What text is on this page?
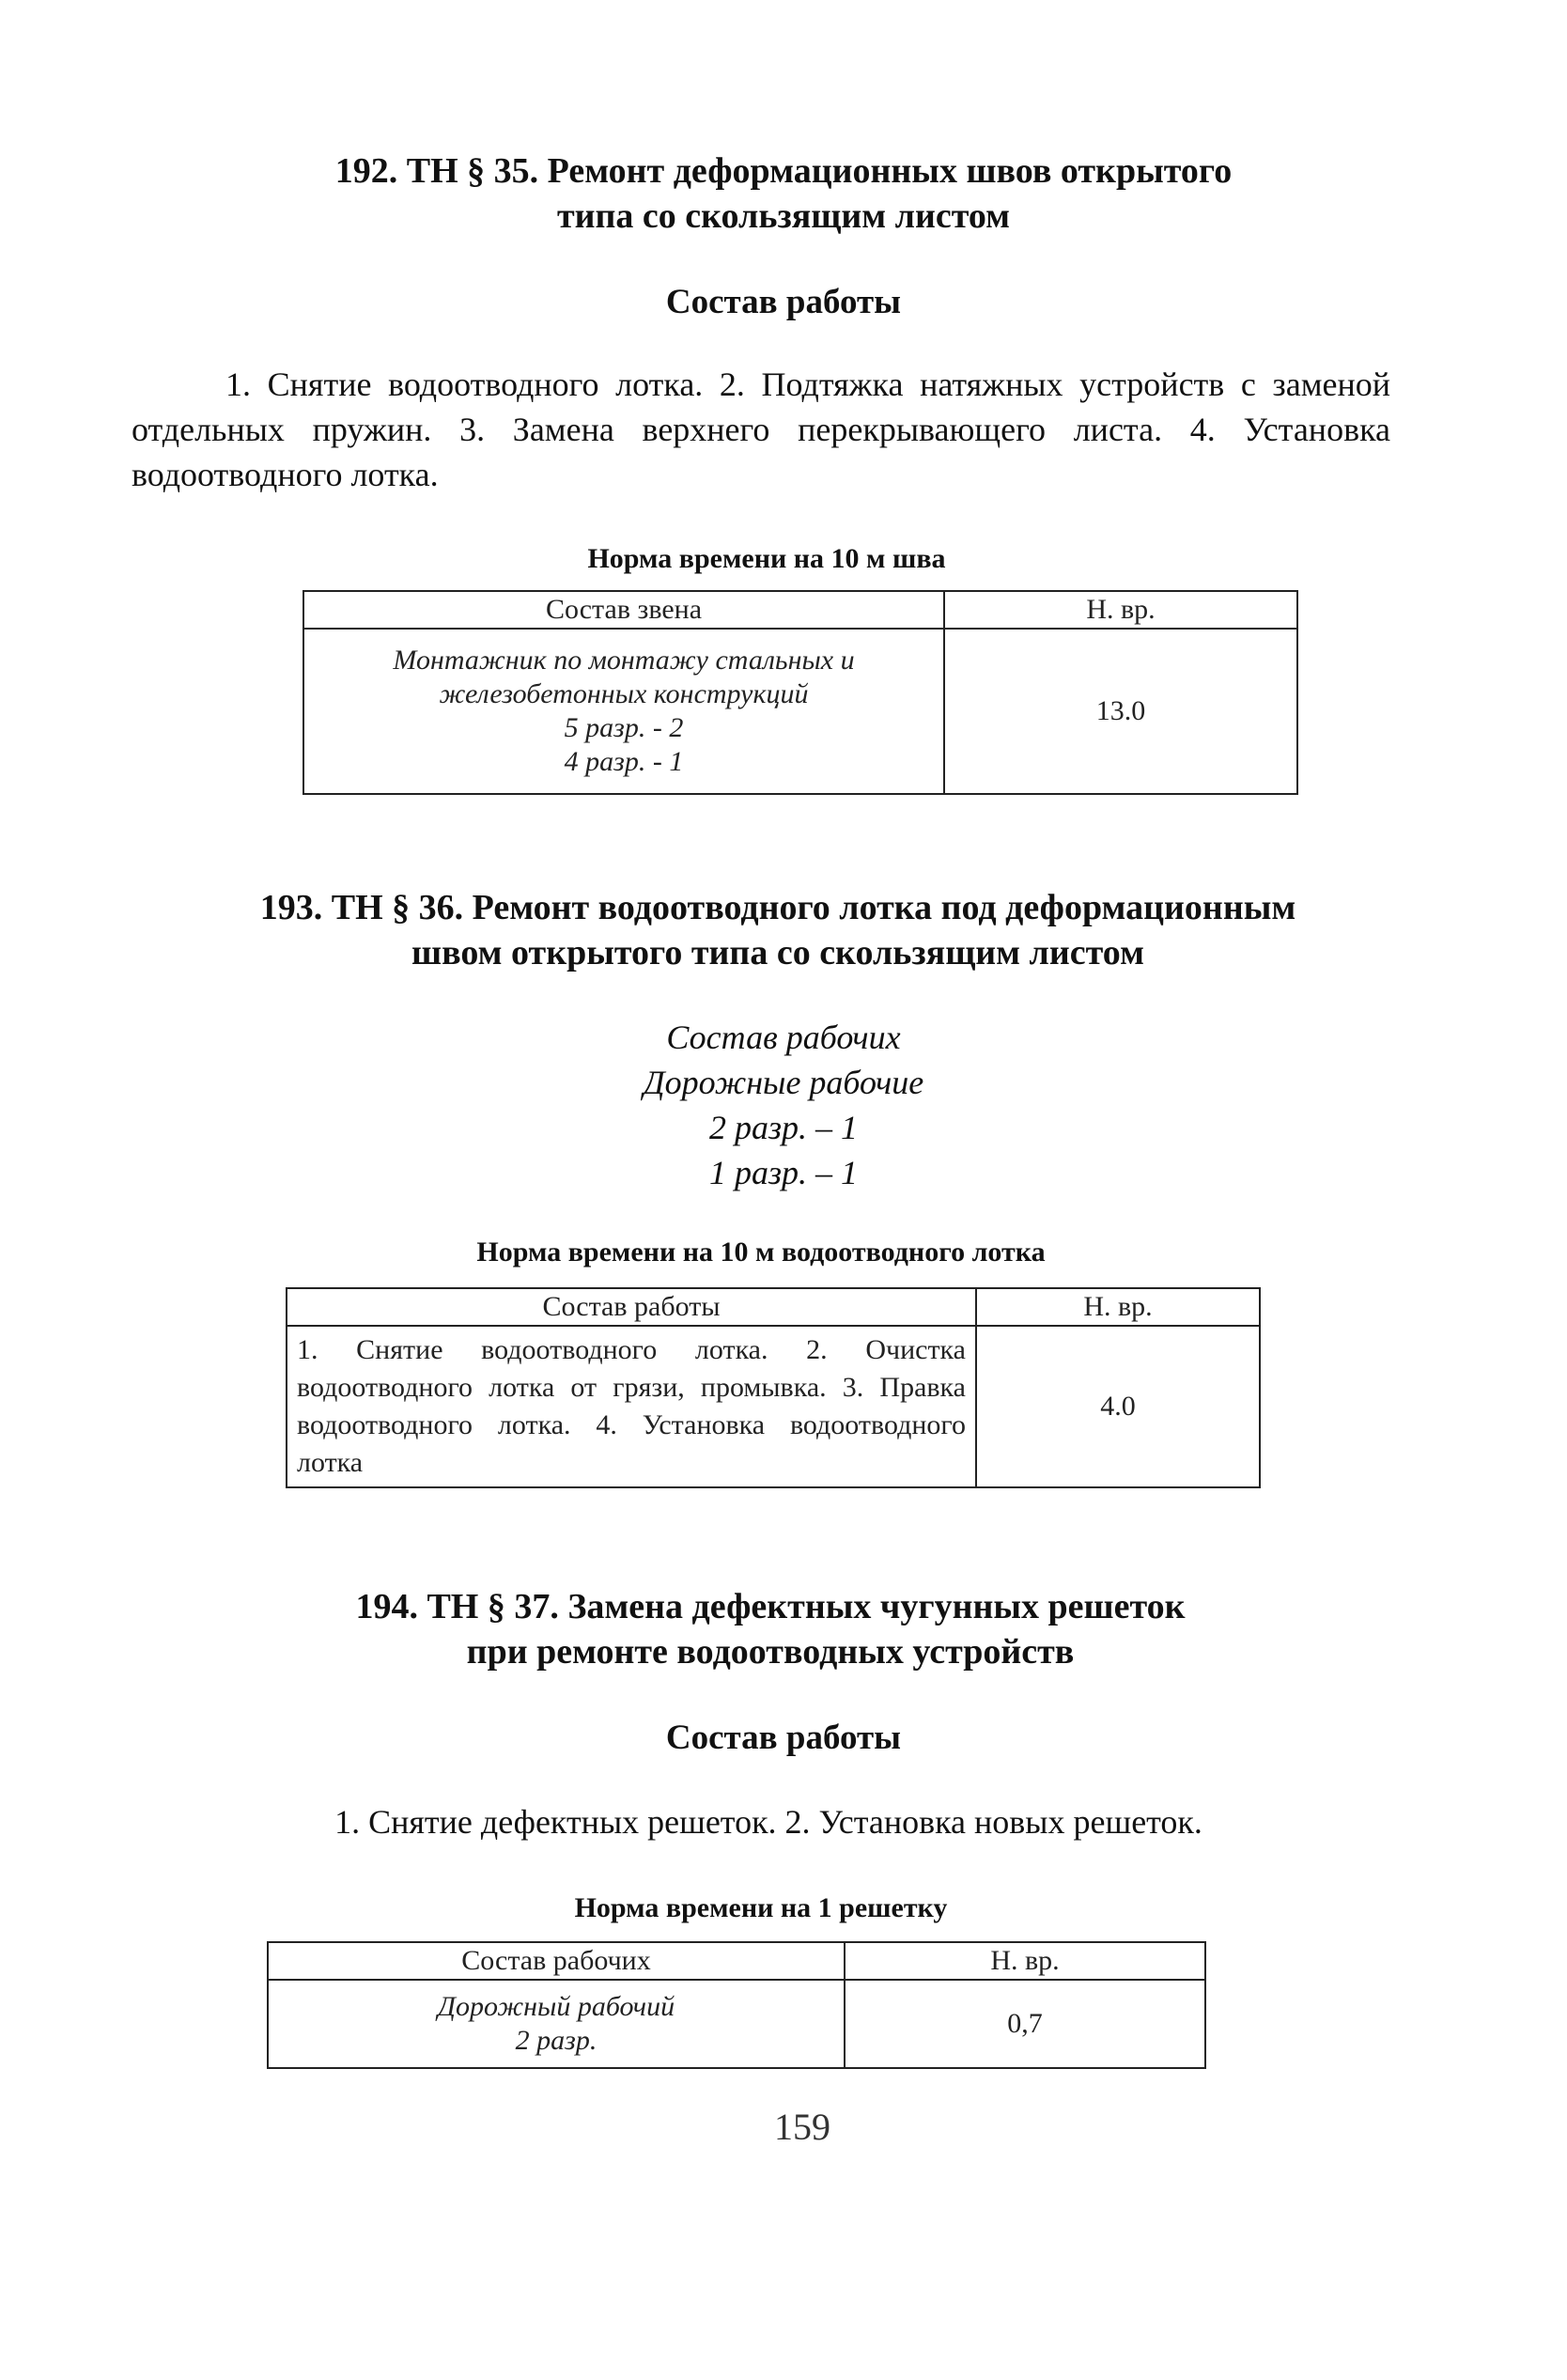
192. ТН § 35. Ремонт деформационных швов открытого
типа со скользящим листом
Состав работы
1. Снятие водоотводного лотка. 2. Подтяжка натяжных устройств с заменой отдельных пружин. 3. Замена верхнего перекрывающего листа. 4. Установка водоотводного лотка.
Норма времени на 10 м шва
Состав звена	Н. вр.

Монтажник по монтажу стальных и
железобетонных конструкций
5 разр. - 2
4 разр. - 1	13.0
193. ТН § 36. Ремонт водоотводного лотка под деформационным
швом открытого типа со скользящим листом
Состав рабочих
Дорожные рабочие
2 разр. – 1
1 разр. – 1
Норма времени на 10 м водоотводного лотка
Состав работы	Н. вр.
1. Снятие водоотводного лотка. 2. Очистка водоотводного лотка от грязи, промывка. 3. Правка водоотводного лотка. 4. Установка водоотводного лотка	4.0
194. ТН § 37. Замена дефектных чугунных решеток
при ремонте водоотводных устройств
Состав работы
1. Снятие дефектных решеток. 2. Установка новых решеток.
Норма времени на 1 решетку
Состав рабочих	Н. вр.

Дорожный рабочий
2 разр.	0,7
159
